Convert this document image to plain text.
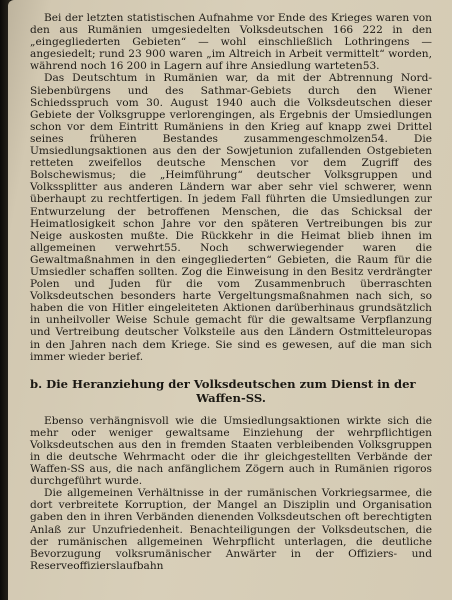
Bei der letzten statistischen Aufnahme vor Ende des Krieges waren von den aus Rumänien umgesiedelten Volksdeutschen 166 222 in den „eingegliederten Gebieten“ — wohl einschließlich Lothringens — angesiedelt; rund 23 900 waren „im Altreich in Arbeit vermittelt“ worden, während noch 16 200 in Lagern auf ihre Ansiedlung warteten53.

Das Deutschtum in Rumänien war, da mit der Abtrennung Nord-Siebenbürgens und des Sathmar-Gebiets durch den Wiener Schiedsspruch vom 30. August 1940 auch die Volksdeutschen dieser Gebiete der Volksgruppe verlorengingen, als Ergebnis der Umsiedlungen schon vor dem Eintritt Rumäniens in den Krieg auf knapp zwei Drittel seines früheren Bestandes zusammengeschmolzen54. Die Umsiedlungsaktionen aus den der Sowjetunion zufallenden Ostgebieten retteten zweifellos deutsche Menschen vor dem Zugriff des Bolschewismus; die „Heimführung“ deutscher Volksgruppen und Volkssplitter aus anderen Ländern war aber sehr viel schwerer, wenn überhaupt zu rechtfertigen. In jedem Fall führten die Umsiedlungen zur Entwurzelung der betroffenen Menschen, die das Schicksal der Heimatlosigkeit schon Jahre vor den späteren Vertreibungen bis zur Neige auskosten mußte. Die Rückkehr in die Heimat blieb ihnen im allgemeinen verwehrt55. Noch schwerwiegender waren die Gewaltmaßnahmen in den eingegliederten“ Gebieten, die Raum für die Umsiedler schaffen sollten. Zog die Einweisung in den Besitz verdrängter Polen und Juden für die vom Zusammenbruch überraschten Volksdeutschen besonders harte Vergeltungsmaßnahmen nach sich, so haben die von Hitler eingeleiteten Aktionen darüberhinaus grundsätzlich in unheilvoller Weise Schule gemacht für die gewaltsame Verpflanzung und Vertreibung deutscher Volksteile aus den Ländern Ostmitteleuropas in den Jahren nach dem Kriege. Sie sind es gewesen, auf die man sich immer wieder berief.

b. Die Heranziehung der Volksdeutschen zum Dienst in der
Waffen-SS.

Ebenso verhängnisvoll wie die Umsiedlungsaktionen wirkte sich die mehr oder weniger gewaltsame Einziehung der wehrpflichtigen Volksdeutschen aus den in fremden Staaten verbleibenden Volksgruppen in die deutsche Wehrmacht oder die ihr gleichgestellten Verbände der Waffen-SS aus, die nach anfänglichem Zögern auch in Rumänien rigoros durchgeführt wurde.

Die allgemeinen Verhältnisse in der rumänischen Vorkriegsarmee, die dort verbreitete Korruption, der Mangel an Disziplin und Organisation gaben den in ihren Verbänden dienenden Volksdeutschen oft berechtigten Anlaß zur Unzufriedenheit. Benachteiligungen der Volksdeutschen, die der rumänischen allgemeinen Wehrpflicht unterlagen, die deutliche Bevorzugung volksrumänischer Anwärter in der Offiziers- und Reserveoffizierslaufbahn
